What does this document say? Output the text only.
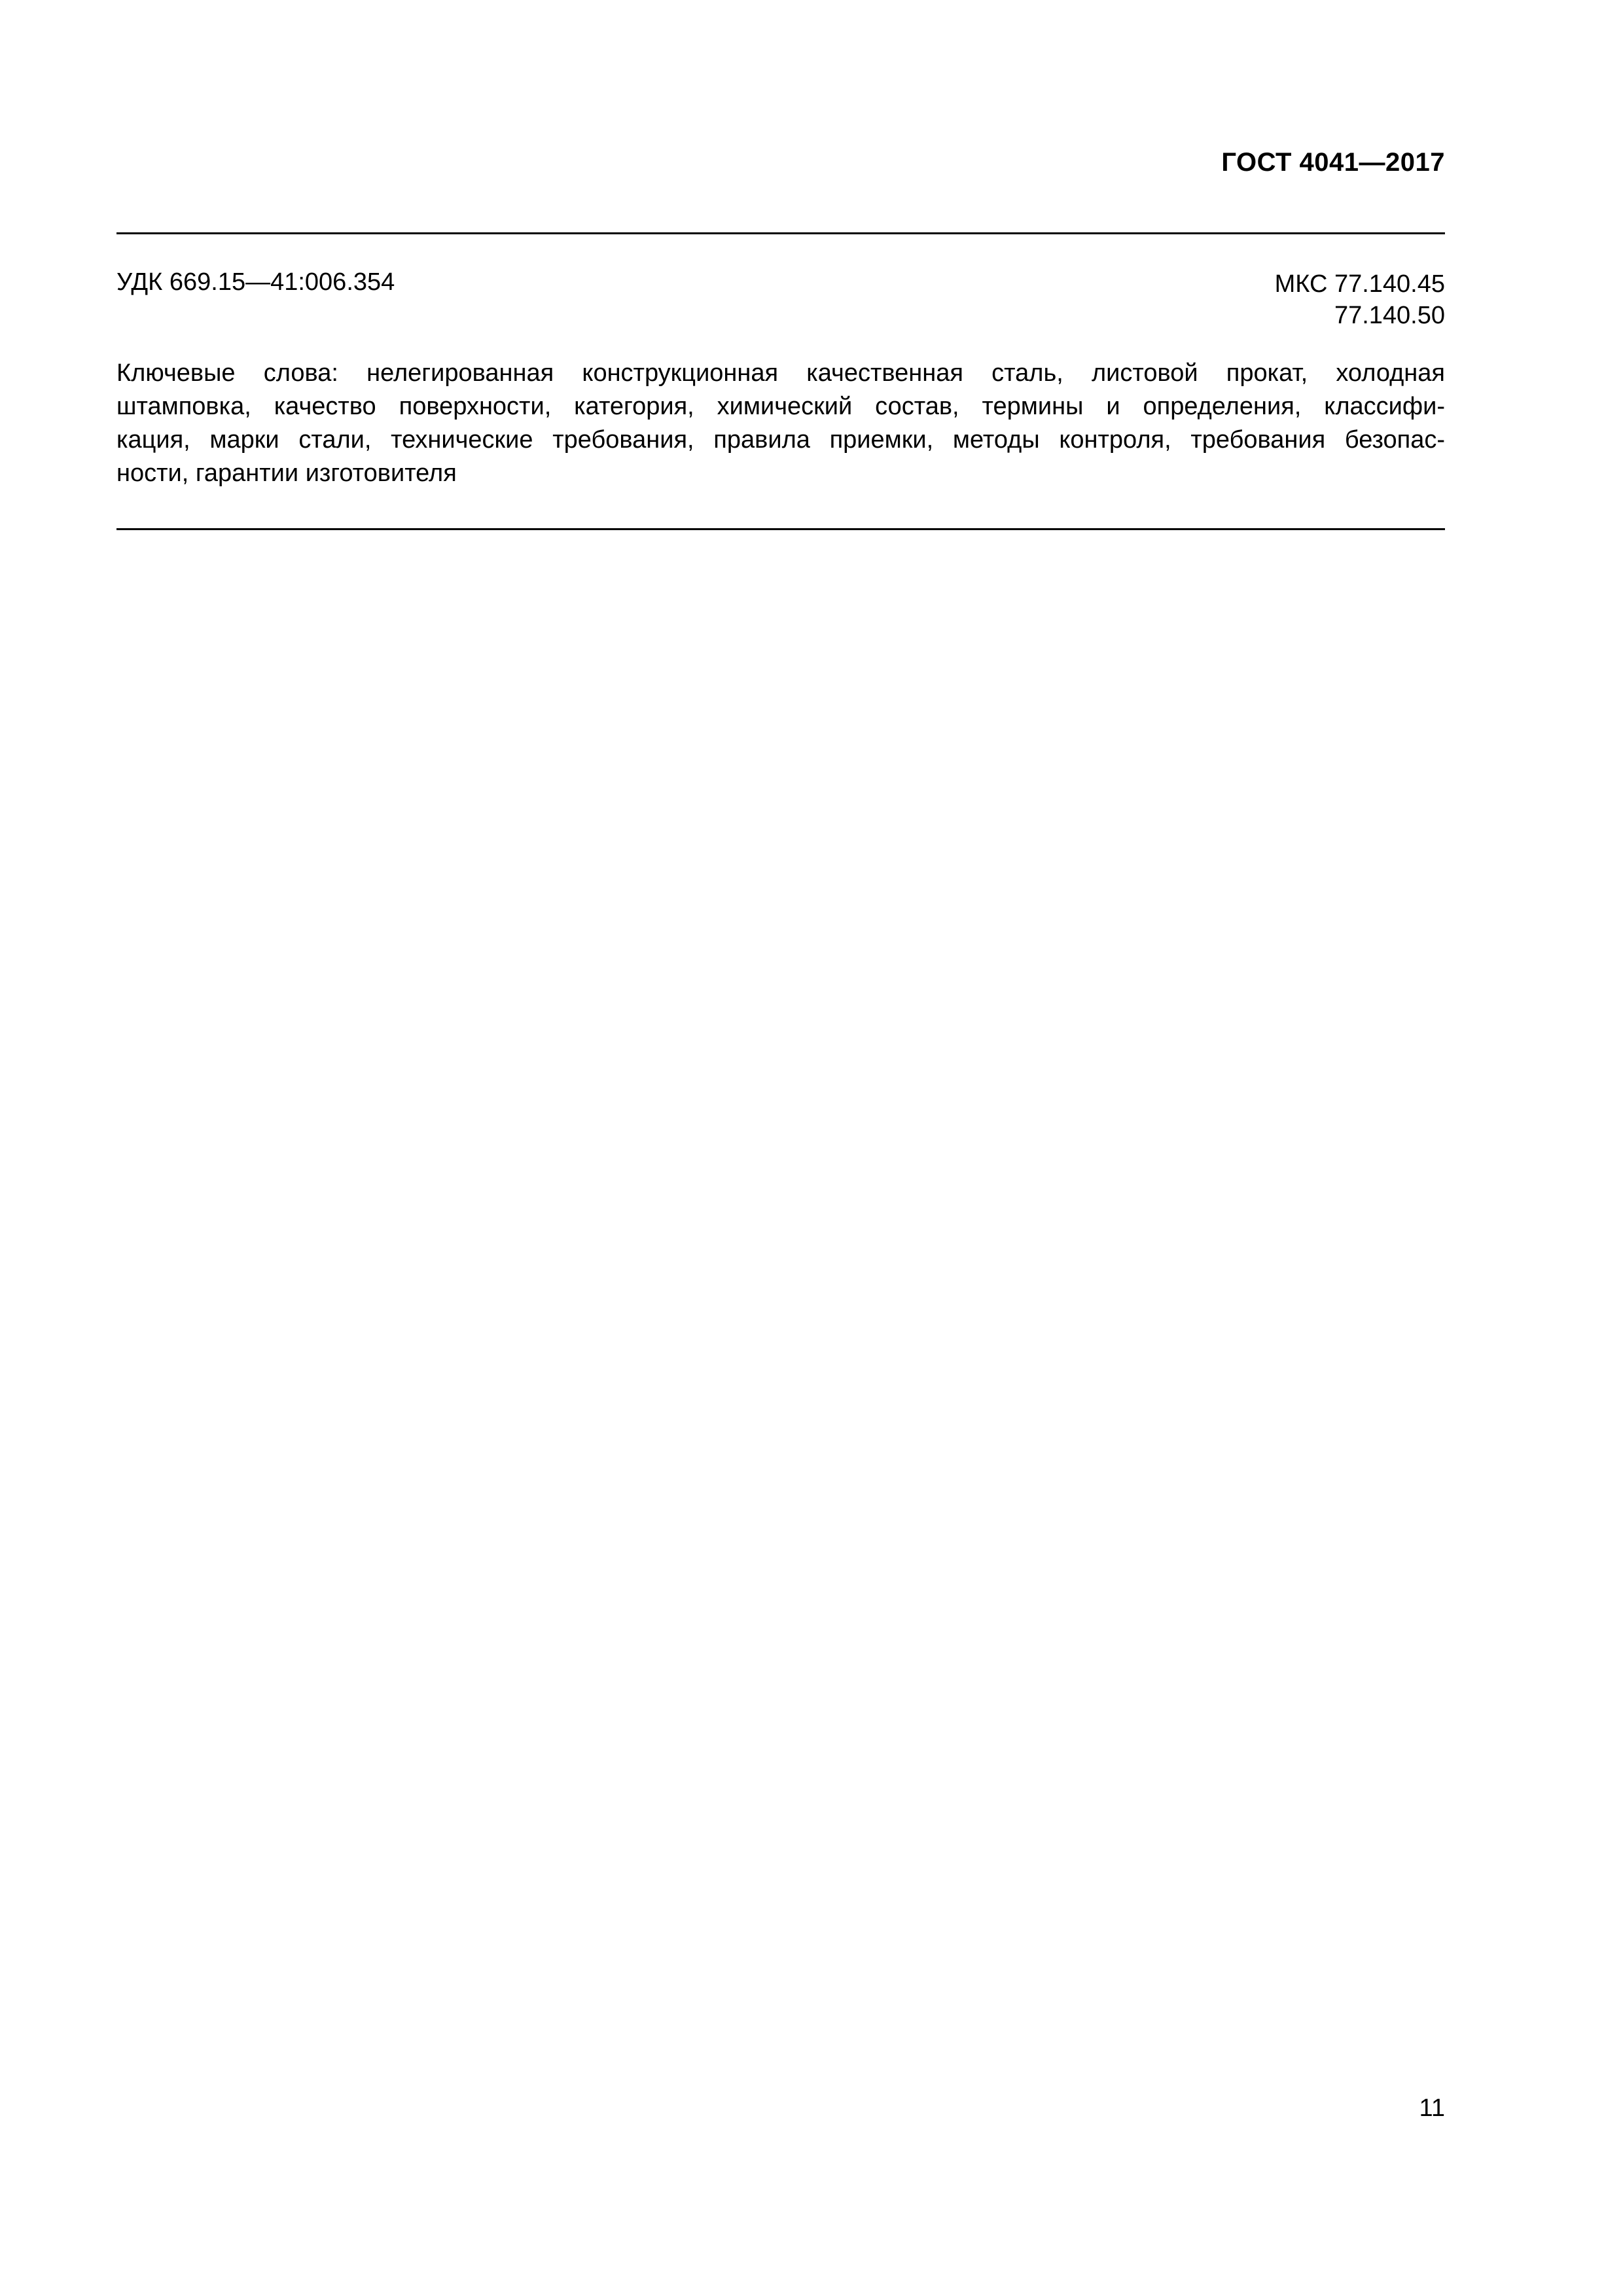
ГОСТ 4041—2017
УДК 669.15—41:006.354	МКС 77.140.45
77.140.50
Ключевые слова: нелегированная конструкционная качественная сталь, листовой прокат, холодная
штамповка, качество поверхности, категория, химический состав, термины и определения, классифи-
кация, марки стали, технические требования, правила приемки, методы контроля, требования безопас-
ности, гарантии изготовителя
11
